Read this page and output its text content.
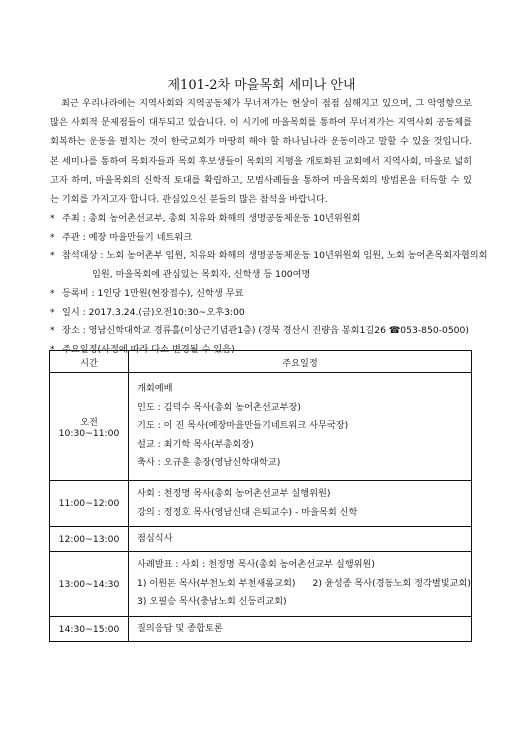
제101-2차 마을목회 세미나 안내
최근 우리나라에는 지역사회와 지역공동체가 무너져가는 현상이 점점 심해지고 있으며, 그 악영향으로 많은 사회적 문제점들이 대두되고 있습니다. 이 시기에 마을목회를 통하여 무너져가는 지역사회 공동체를 회복하는 운동을 펼치는 것이 한국교회가 마땅히 해야 할 하나님나라 운동이라고 말할 수 있을 것입니다. 본 세미나를 통하여 목회자들과 목회 후보생들이 목회의 지평을 개토화된 교회에서 지역사회, 마을로 넓히고자 하며, 마을목회의 신학적 토대를 확립하고, 모범사례들을 통하여 마을목회의 방법론을 터득할 수 있는 기회를 가지고자 합니다. 관심있으신 분들의 많은 참석을 바랍니다.
* 주최 : 총회 농어촌선교부, 총회 치유와 화해의 생명공동체운동 10년위원회
* 주관 : 예장 마을만들기 네트워크
* 참석대상 : 노회 농어촌부 임원, 치유와 화해의 생명공동체운동 10년위원회 임원, 노회 농어촌목회자협의회
임원, 마을목회에 관심있는 목회자, 신학생 등 100여명
* 등록비 : 1인당 1만원(현장접수), 신학생 무료
* 일시 : 2017.3.24.(금)오전10:30~오후3:00
* 장소 : 영남신학대학교 경류홀(이상근기념관1층) (경북 경산시 진량읍 봉회1길26 ☎053-850-0500)
* 주요일정(사정에 따라 다소 변경될 수 있음)
시간	주요일정
오전10:30~11:00	개회예배
인도 : 김덕수 목사(총회 농어촌선교부장)
기도 : 이 진 목사(예장마을만들기네트워크 사무국장)
설교 : 최기학 목사(부총회장)
축사 : 오규훈 총장(영남신학대학교)

11:00~12:00	사회 : 천정명 목사(총회 농어촌선교부 실행위원)
강의 : 정정호 목사(영남신대 은퇴교수) - 마을목회 신학

12:00~13:00	점심식사

13:00~14:30	사례발표 : 사회 : 천정명 목사(총회 농어촌선교부 실행위원)
1) 이원돈 목사(부천노회 부천새롬교회) 2) 윤성종 목사(경동노회 정각별빛교회)
3) 오필승 목사(충남노회 신등리교회)

14:30~15:00	질의응답 및 종합토론
